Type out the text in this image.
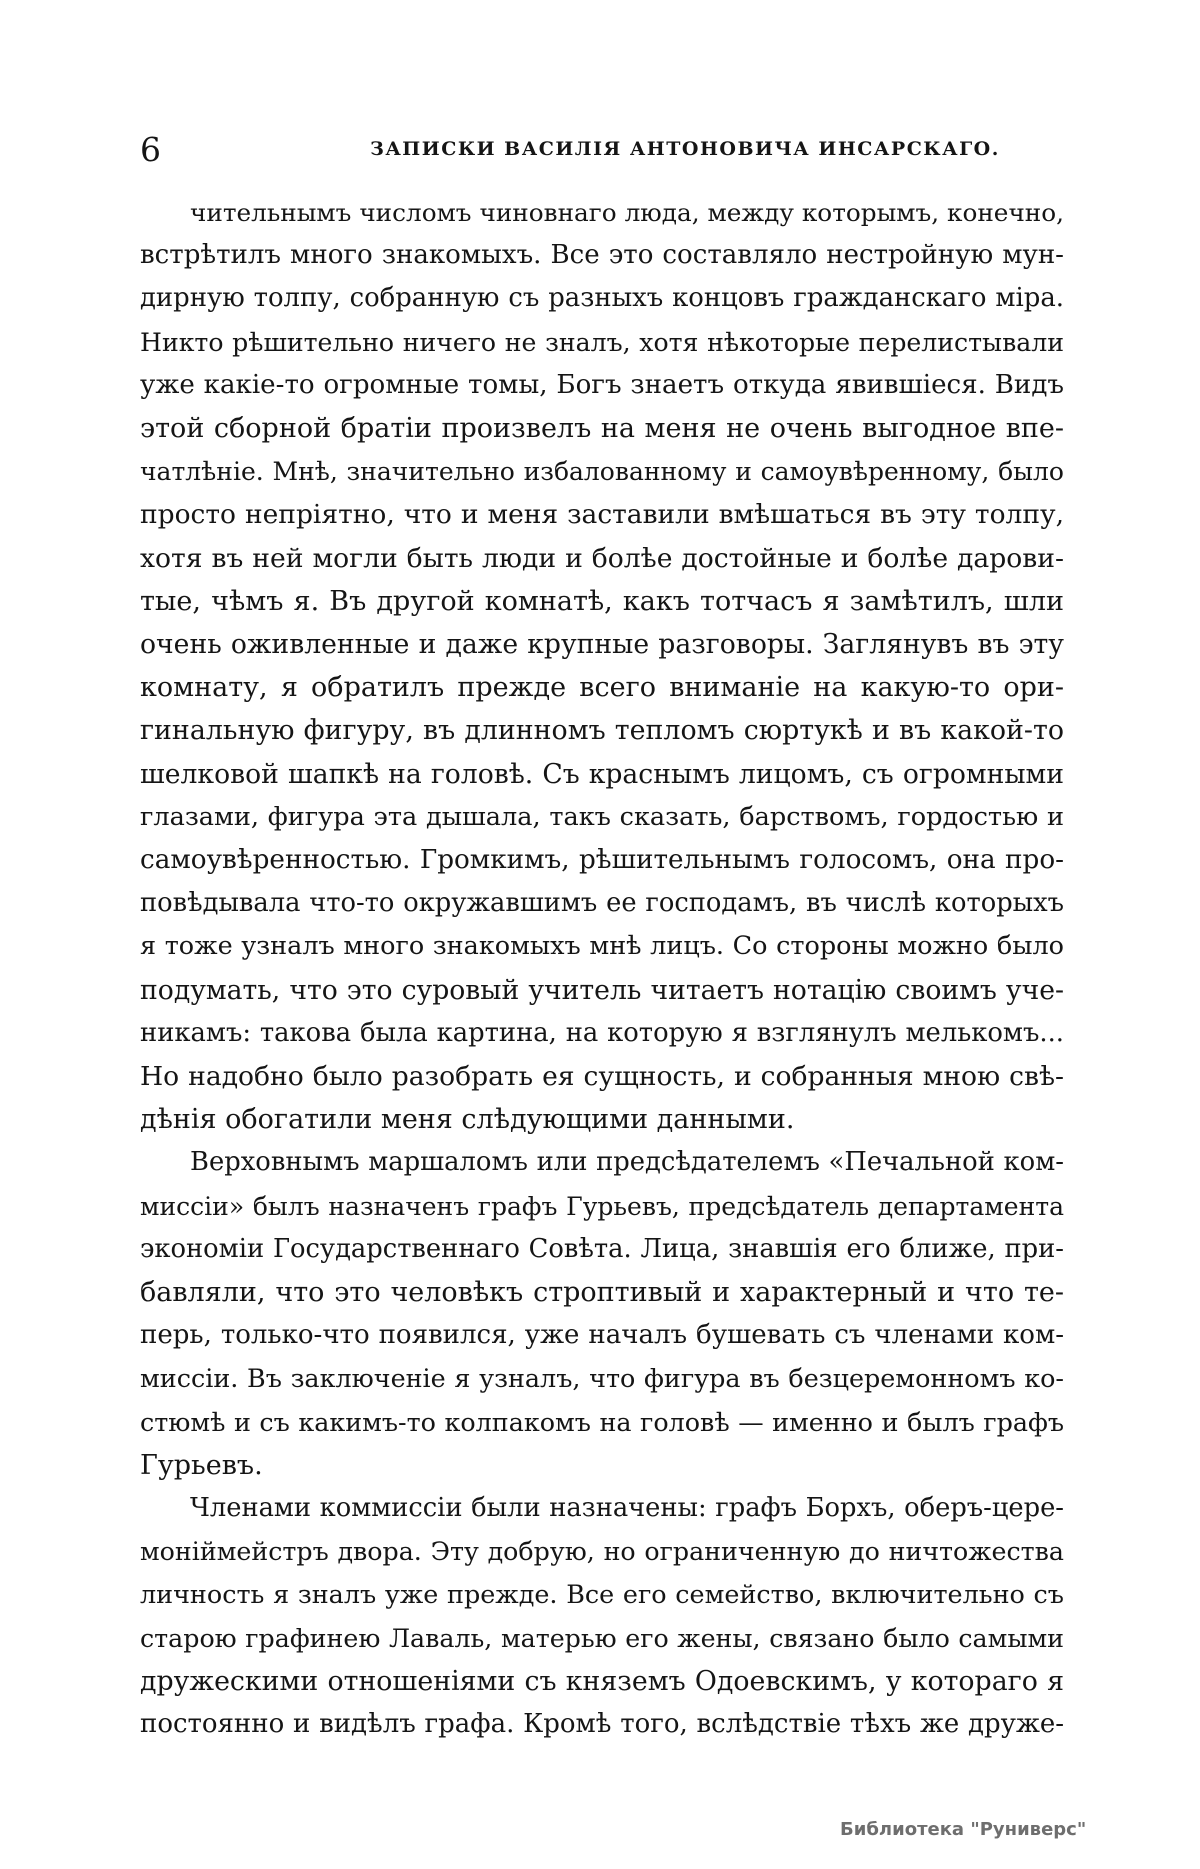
6	ЗАПИСКИ ВАСИЛІЯ АНТОНОВИЧА ИНСАРСКАГО.
чительнымъ числомъ чиновнаго люда, между которымъ, конечно,
встрѣтилъ много знакомыхъ. Все это составляло нестройную мун-
дирную толпу, собранную съ разныхъ концовъ гражданскаго міра.
Никто рѣшительно ничего не зналъ, хотя нѣкоторые перелистывали
уже какіе-то огромные томы, Богъ знаетъ откуда явившіеся. Видъ
этой сборной братіи произвелъ на меня не очень выгодное впе-
чатлѣніе. Мнѣ, значительно избалованному и самоувѣренному, было
просто непріятно, что и меня заставили вмѣшаться въ эту толпу,
хотя въ ней могли быть люди и болѣе достойные и болѣе дарови-
тые, чѣмъ я. Въ другой комнатѣ, какъ тотчасъ я замѣтилъ, шли
очень оживленные и даже крупные разговоры. Заглянувъ въ эту
комнату, я обратилъ прежде всего вниманіе на какую-то ори-
гинальную фигуру, въ длинномъ тепломъ сюртукѣ и въ какой-то
шелковой шапкѣ на головѣ. Съ краснымъ лицомъ, съ огромными
глазами, фигура эта дышала, такъ сказать, барствомъ, гордостью и
самоувѣренностью. Громкимъ, рѣшительнымъ голосомъ, она про-
повѣдывала что-то окружавшимъ ее господамъ, въ числѣ которыхъ
я тоже узналъ много знакомыхъ мнѣ лицъ. Со стороны можно было
подумать, что это суровый учитель читаетъ нотацію своимъ уче-
никамъ: такова была картина, на которую я взглянулъ мелькомъ...
Но надобно было разобрать ея сущность, и собранныя мною свѣ-
дѣнія обогатили меня слѣдующими данными.
Верховнымъ маршаломъ или предсѣдателемъ «Печальной ком-
миссіи» былъ назначенъ графъ Гурьевъ, предсѣдатель департамента
экономіи Государственнаго Совѣта. Лица, знавшія его ближе, при-
бавляли, что это человѣкъ строптивый и характерный и что те-
перь, только-что появился, уже началъ бушевать съ членами ком-
миссіи. Въ заключеніе я узналъ, что фигура въ безцеремонномъ ко-
стюмѣ и съ какимъ-то колпакомъ на головѣ — именно и былъ графъ
Гурьевъ.
Членами коммиссіи были назначены: графъ Борхъ, оберъ-цере-
моніймейстръ двора. Эту добрую, но ограниченную до ничтожества
личность я зналъ уже прежде. Все его семейство, включительно съ
старою графинею Лаваль, матерью его жены, связано было самыми
дружескими отношеніями съ княземъ Одоевскимъ, у котораго я
постоянно и видѣлъ графа. Кромѣ того, вслѣдствіе тѣхъ же друже-
Библиотека "Руниверс"
